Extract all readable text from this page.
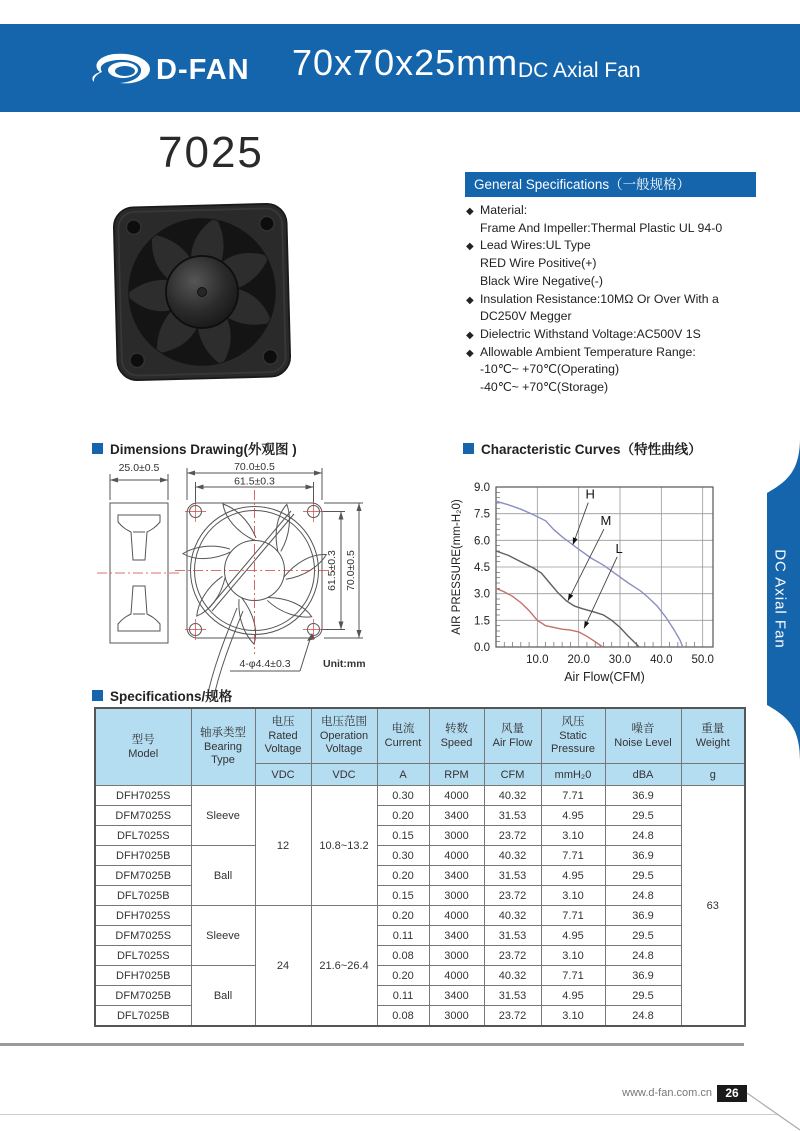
D-FAN 70x70x25mm DC Axial Fan
7025
General Specifications（一般规格）
◆ Material:
Frame And Impeller:Thermal Plastic UL 94-0
◆ Lead Wires:UL Type
RED Wire Positive(+)
Black Wire Negative(-)
◆ Insulation Resistance:10MΩ Or Over With a
DC250V Megger
◆ Dielectric Withstand Voltage:AC500V 1S
◆ Allowable Ambient Temperature Range:
-10℃~ +70℃(Operating)
-40℃~ +70℃(Storage)
Dimensions Drawing(外观图 )	Characteristic Curves（特性曲线）
25.0±0.5	70.0±0.5
61.5±0.3
61.5±0.3 70.0±0.5
4-φ4.4±0.3	Unit:mm	10.0 20.0 30.0 40.0 50.0
0.0
1.5
3.0
4.5
6.0
7.5
9.0
Air Flow(CFM)
AIR PRESSURE(mm-H₂0)
H
M
L
Specifications/规格
型号
Model	轴承类型
Bearing Type	电压
Rated Voltage	电压范围
Operation Voltage	电流
Current	转数
Speed	风量
Air Flow	风压
Static Pressure	噪音
Noise Level	重量
Weight

		VDC	VDC	A	RPM	CFM	mmH₂0	dBA	g
DFH7025S	Sleeve	12	10.8~13.2	0.30	4000	40.32	7.71	36.9	63
DFM7025S				0.20	3400	31.53	4.95	29.5	
DFL7025S				0.15	3000	23.72	3.10	24.8	
DFH7025B	Ball			0.30	4000	40.32	7.71	36.9	
DFM7025B				0.20	3400	31.53	4.95	29.5	
DFL7025B				0.15	3000	23.72	3.10	24.8	
DFH7025S	Sleeve	24	21.6~26.4	0.20	4000	40.32	7.71	36.9	
DFM7025S				0.11	3400	31.53	4.95	29.5	
DFL7025S				0.08	3000	23.72	3.10	24.8	
DFH7025B	Ball			0.20	4000	40.32	7.71	36.9	
DFM7025B				0.11	3400	31.53	4.95	29.5	
DFL7025B				0.08	3000	23.72	3.10	24.8	
DC Axial Fan
www.d-fan.com.cn	26
